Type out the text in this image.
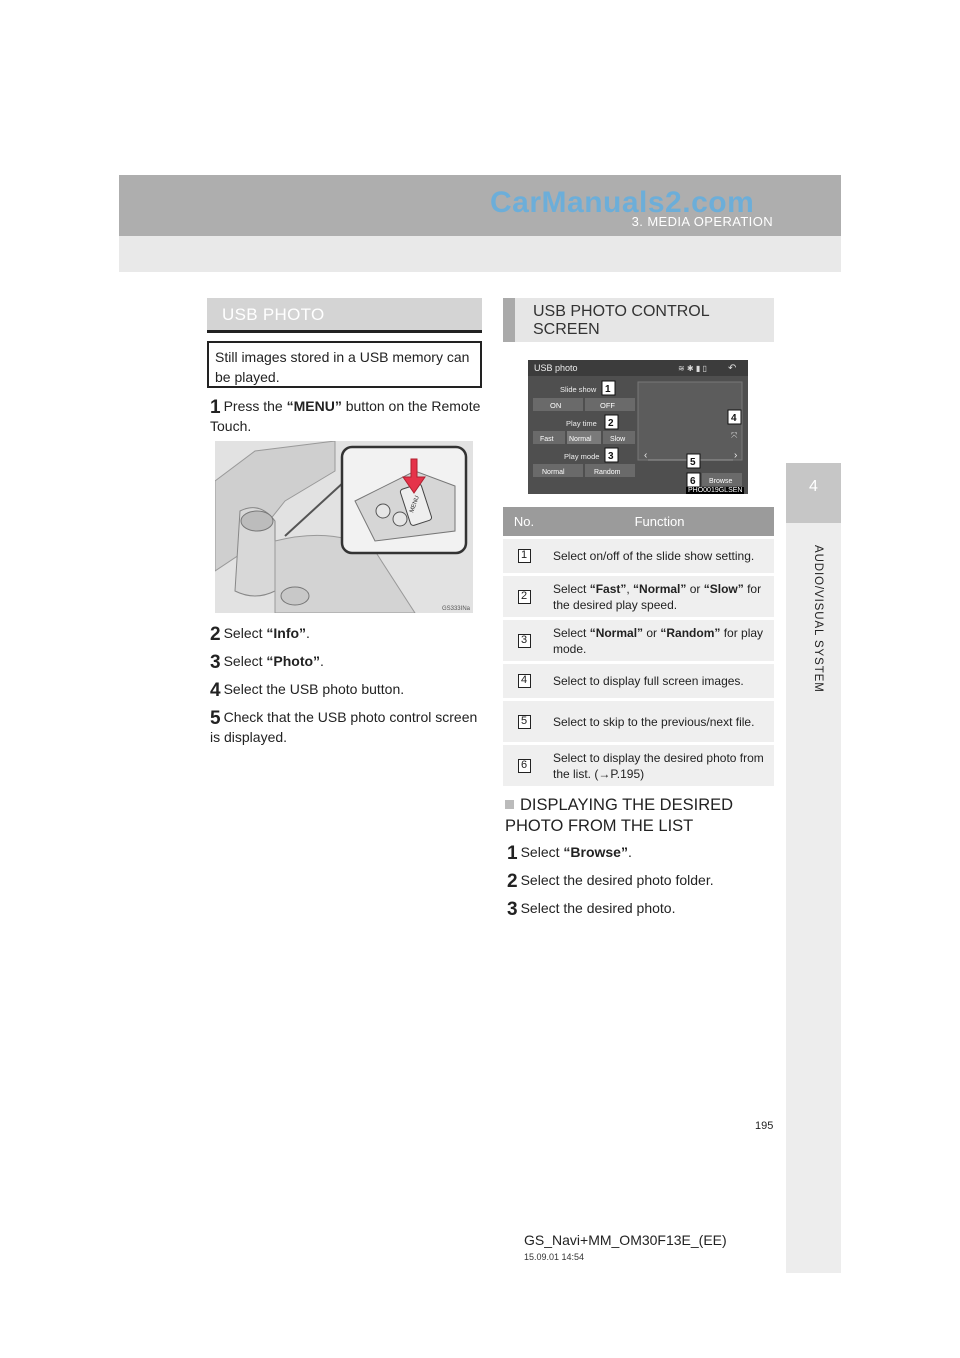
CarManuals2.com
3. MEDIA OPERATION
4
AUDIO/VISUAL SYSTEM
USB PHOTO
Still images stored in a USB memory can be played.
1 Press the “MENU” button on the Remote Touch.
MENU
GS333INa
2 Select “Info”.
3 Select “Photo”.
4 Select the USB photo button.
5 Check that the USB photo control screen is displayed.
USB PHOTO CONTROL SCREEN
USB photo	≋ ✱ ▮ ▯ ↶
Slide show
ON	OFF
Play time
Fast Normal	Slow
Play mode
Normal	Random
⤧
‹	›
Browse
1
2
3
4
5
6
PHO0019GLSEN
No.	Function
1 Select on/off of the slide show setting.
2 Select “Fast”, “Normal” or “Slow” for the desired play speed.
3 Select “Normal” or “Random” for play mode.
4 Select to display full screen images.
5 Select to skip to the previous/next file.
6 Select to display the desired photo from the list. (→P.195)
DISPLAYING THE DESIRED PHOTO FROM THE LIST
1 Select “Browse”.
2 Select the desired photo folder.
3 Select the desired photo.
195
GS_Navi+MM_OM30F13E_(EE)
15.09.01 14:54
